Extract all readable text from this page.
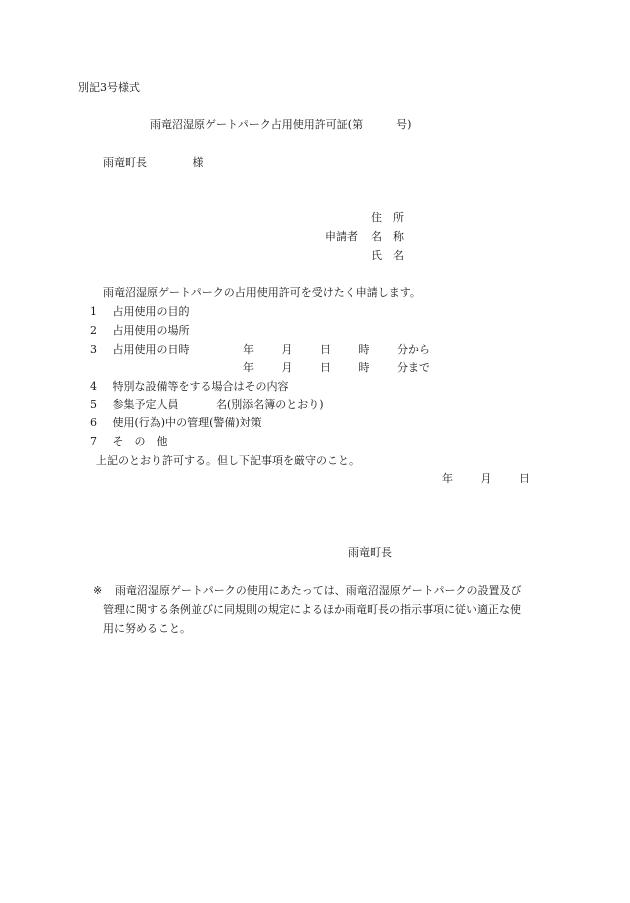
別記3号様式
雨竜沼湿原ゲートパーク占用使用許可証(第　　　号)
雨竜町長	様
住　所
申請者 名　称
氏　名
雨竜沼湿原ゲートパークの占用使用許可を受けたく申請します。
1 占用使用の目的
2 占用使用の場所
3 占用使用の日時	年	月	日	時	分から
年	月	日	時	分まで
4 特別な設備等をする場合はその内容
5 参集予定人員	名(別添名簿のとおり)
6 使用(行為)中の管理(警備)対策
7 そ　の　他
上記のとおり許可する。但し下記事項を厳守のこと。
年	月	日
雨竜町長
※ 雨竜沼湿原ゲートパークの使用にあたっては、雨竜沼湿原ゲートパークの設置及び
管理に関する条例並びに同規則の規定によるほか雨竜町長の指示事項に従い適正な使
用に努めること。
